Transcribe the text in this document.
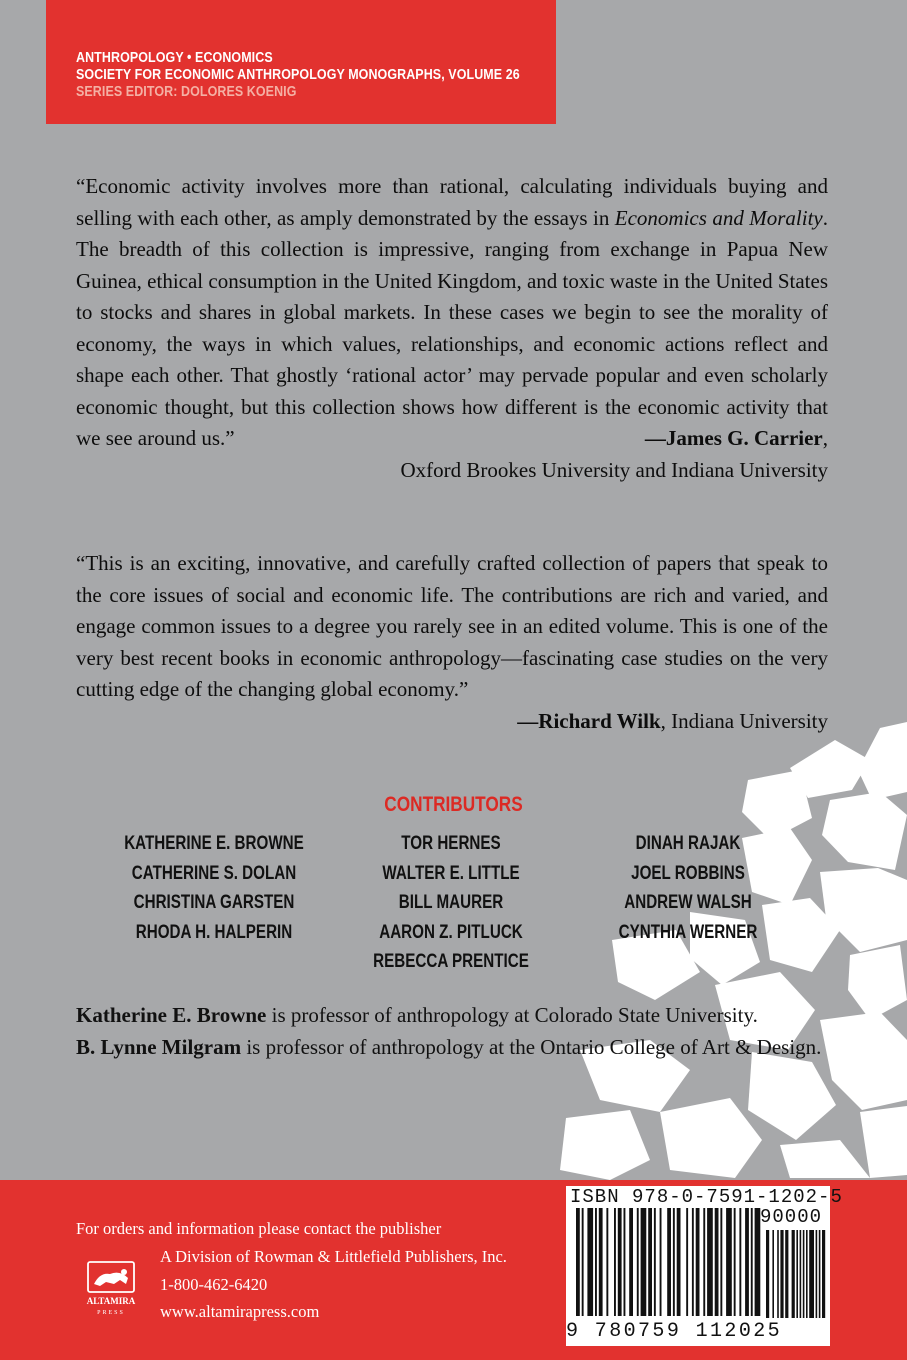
ANTHROPOLOGY • ECONOMICS
SOCIETY FOR ECONOMIC ANTHROPOLOGY MONOGRAPHS, VOLUME 26
SERIES EDITOR: DOLORES KOENIG
“Economic activity involves more than rational, calculating individuals buying and selling with each other, as amply demonstrated by the essays in Economics and Morality. The breadth of this collection is impressive, ranging from exchange in Papua New Guinea, ethical consumption in the United Kingdom, and toxic waste in the United States to stocks and shares in global markets. In these cases we begin to see the morality of economy, the ways in which values, relationships, and economic actions reflect and shape each other. That ghostly ‘rational actor’ may pervade popular and even scholarly economic thought, but this collection shows how different is the economic activity that we see around us.”	—James G. Carrier,
Oxford Brookes University and Indiana University
“This is an exciting, innovative, and carefully crafted collection of papers that speak to the core issues of social and economic life. The contributions are rich and varied, and engage common issues to a degree you rarely see in an edited volume. This is one of the very best recent books in economic anthropology—fascinating case studies on the very cutting edge of the changing global economy.”
—Richard Wilk, Indiana University
CONTRIBUTORS
KATHERINE E. BROWNE
CATHERINE S. DOLAN
CHRISTINA GARSTEN
RHODA H. HALPERIN
TOR HERNES
WALTER E. LITTLE
BILL MAURER
AARON Z. PITLUCK
REBECCA PRENTICE
DINAH RAJAK
JOEL ROBBINS
ANDREW WALSH
CYNTHIA WERNER
Katherine E. Browne is professor of anthropology at Colorado State University.
B. Lynne Milgram is professor of anthropology at the Ontario College of Art & Design.
For orders and information please contact the publisher
ALTAMIRA
PRESS
A Division of Rowman & Littlefield Publishers, Inc.
1-800-462-6420
www.altamirapress.com
ISBN 978-0-7591-1202-5
90000
9 780759 112025
